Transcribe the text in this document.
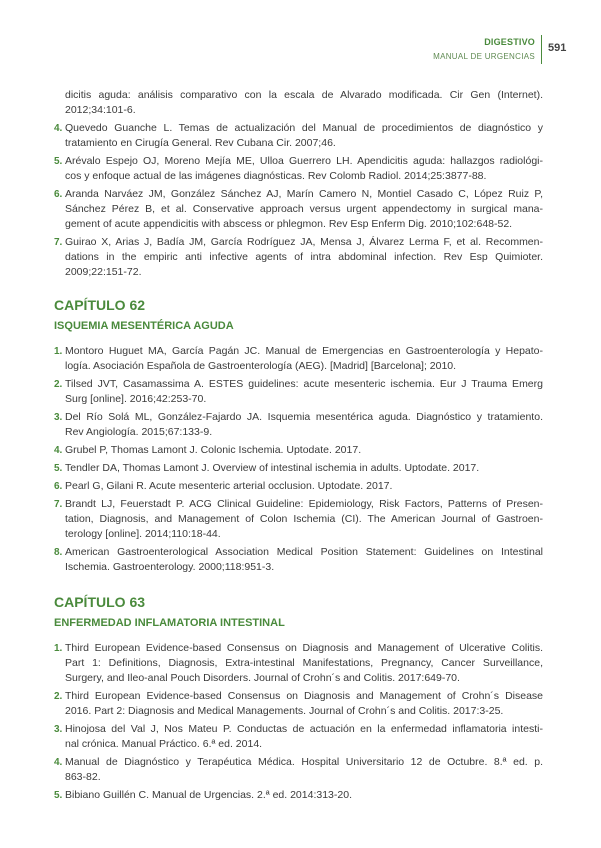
DIGESTIVO
MANUAL DE URGENCIAS
591
dicitis aguda: análisis comparativo con la escala de Alvarado modificada. Cir Gen (Internet).
2012;34:101-6.
4. Quevedo Guanche L. Temas de actualización del Manual de procedimientos de diagnóstico y
tratamiento en Cirugía General. Rev Cubana Cir. 2007;46.
5. Arévalo Espejo OJ, Moreno Mejía ME, Ulloa Guerrero LH. Apendicitis aguda: hallazgos radiológi-
cos y enfoque actual de las imágenes diagnósticas. Rev Colomb Radiol. 2014;25:3877-88.
6. Aranda Narváez JM, González Sánchez AJ, Marín Camero N, Montiel Casado C, López Ruiz P,
Sánchez Pérez B, et al. Conservative approach versus urgent appendectomy in surgical mana-
gement of acute appendicitis with abscess or phlegmon. Rev Esp Enferm Dig. 2010;102:648-52.
7. Guirao X, Arias J, Badía JM, García Rodríguez JA, Mensa J, Álvarez Lerma F, et al. Recommen-
dations in the empiric anti infective agents of intra abdominal infection. Rev Esp Quimioter.
2009;22:151-72.
CAPÍTULO 62
ISQUEMIA MESENTÉRICA AGUDA
1. Montoro Huguet MA, García Pagán JC. Manual de Emergencias en Gastroenterología y Hepato-
logía. Asociación Española de Gastroenterología (AEG). [Madrid] [Barcelona]; 2010.
2. Tilsed JVT, Casamassima A. ESTES guidelines: acute mesenteric ischemia. Eur J Trauma Emerg
Surg [online]. 2016;42:253-70.
3. Del Río Solá ML, González-Fajardo JA. Isquemia mesentérica aguda. Diagnóstico y tratamiento.
Rev Angiología. 2015;67:133-9.
4. Grubel P, Thomas Lamont J. Colonic Ischemia. Uptodate. 2017.
5. Tendler DA, Thomas Lamont J. Overview of intestinal ischemia in adults. Uptodate. 2017.
6. Pearl G, Gilani R. Acute mesenteric arterial occlusion. Uptodate. 2017.
7. Brandt LJ, Feuerstadt P. ACG Clinical Guideline: Epidemiology, Risk Factors, Patterns of Presen-
tation, Diagnosis, and Management of Colon Ischemia (CI). The American Journal of Gastroen-
terology [online]. 2014;110:18-44.
8. American Gastroenterological Association Medical Position Statement: Guidelines on Intestinal
Ischemia. Gastroenterology. 2000;118:951-3.
CAPÍTULO 63
ENFERMEDAD INFLAMATORIA INTESTINAL
1. Third European Evidence-based Consensus on Diagnosis and Management of Ulcerative Colitis.
Part 1: Definitions, Diagnosis, Extra-intestinal Manifestations, Pregnancy, Cancer Surveillance,
Surgery, and Ileo-anal Pouch Disorders. Journal of Crohn´s and Colitis. 2017:649-70.
2. Third European Evidence-based Consensus on Diagnosis and Management of Crohn´s Disease
2016. Part 2: Diagnosis and Medical Managements. Journal of Crohn´s and Colitis. 2017:3-25.
3. Hinojosa del Val J, Nos Mateu P. Conductas de actuación en la enfermedad inflamatoria intesti-
nal crónica. Manual Práctico. 6.ª ed. 2014.
4. Manual de Diagnóstico y Terapéutica Médica. Hospital Universitario 12 de Octubre. 8.ª ed. p.
863-82.
5. Bibiano Guillén C. Manual de Urgencias. 2.ª ed. 2014:313-20.
